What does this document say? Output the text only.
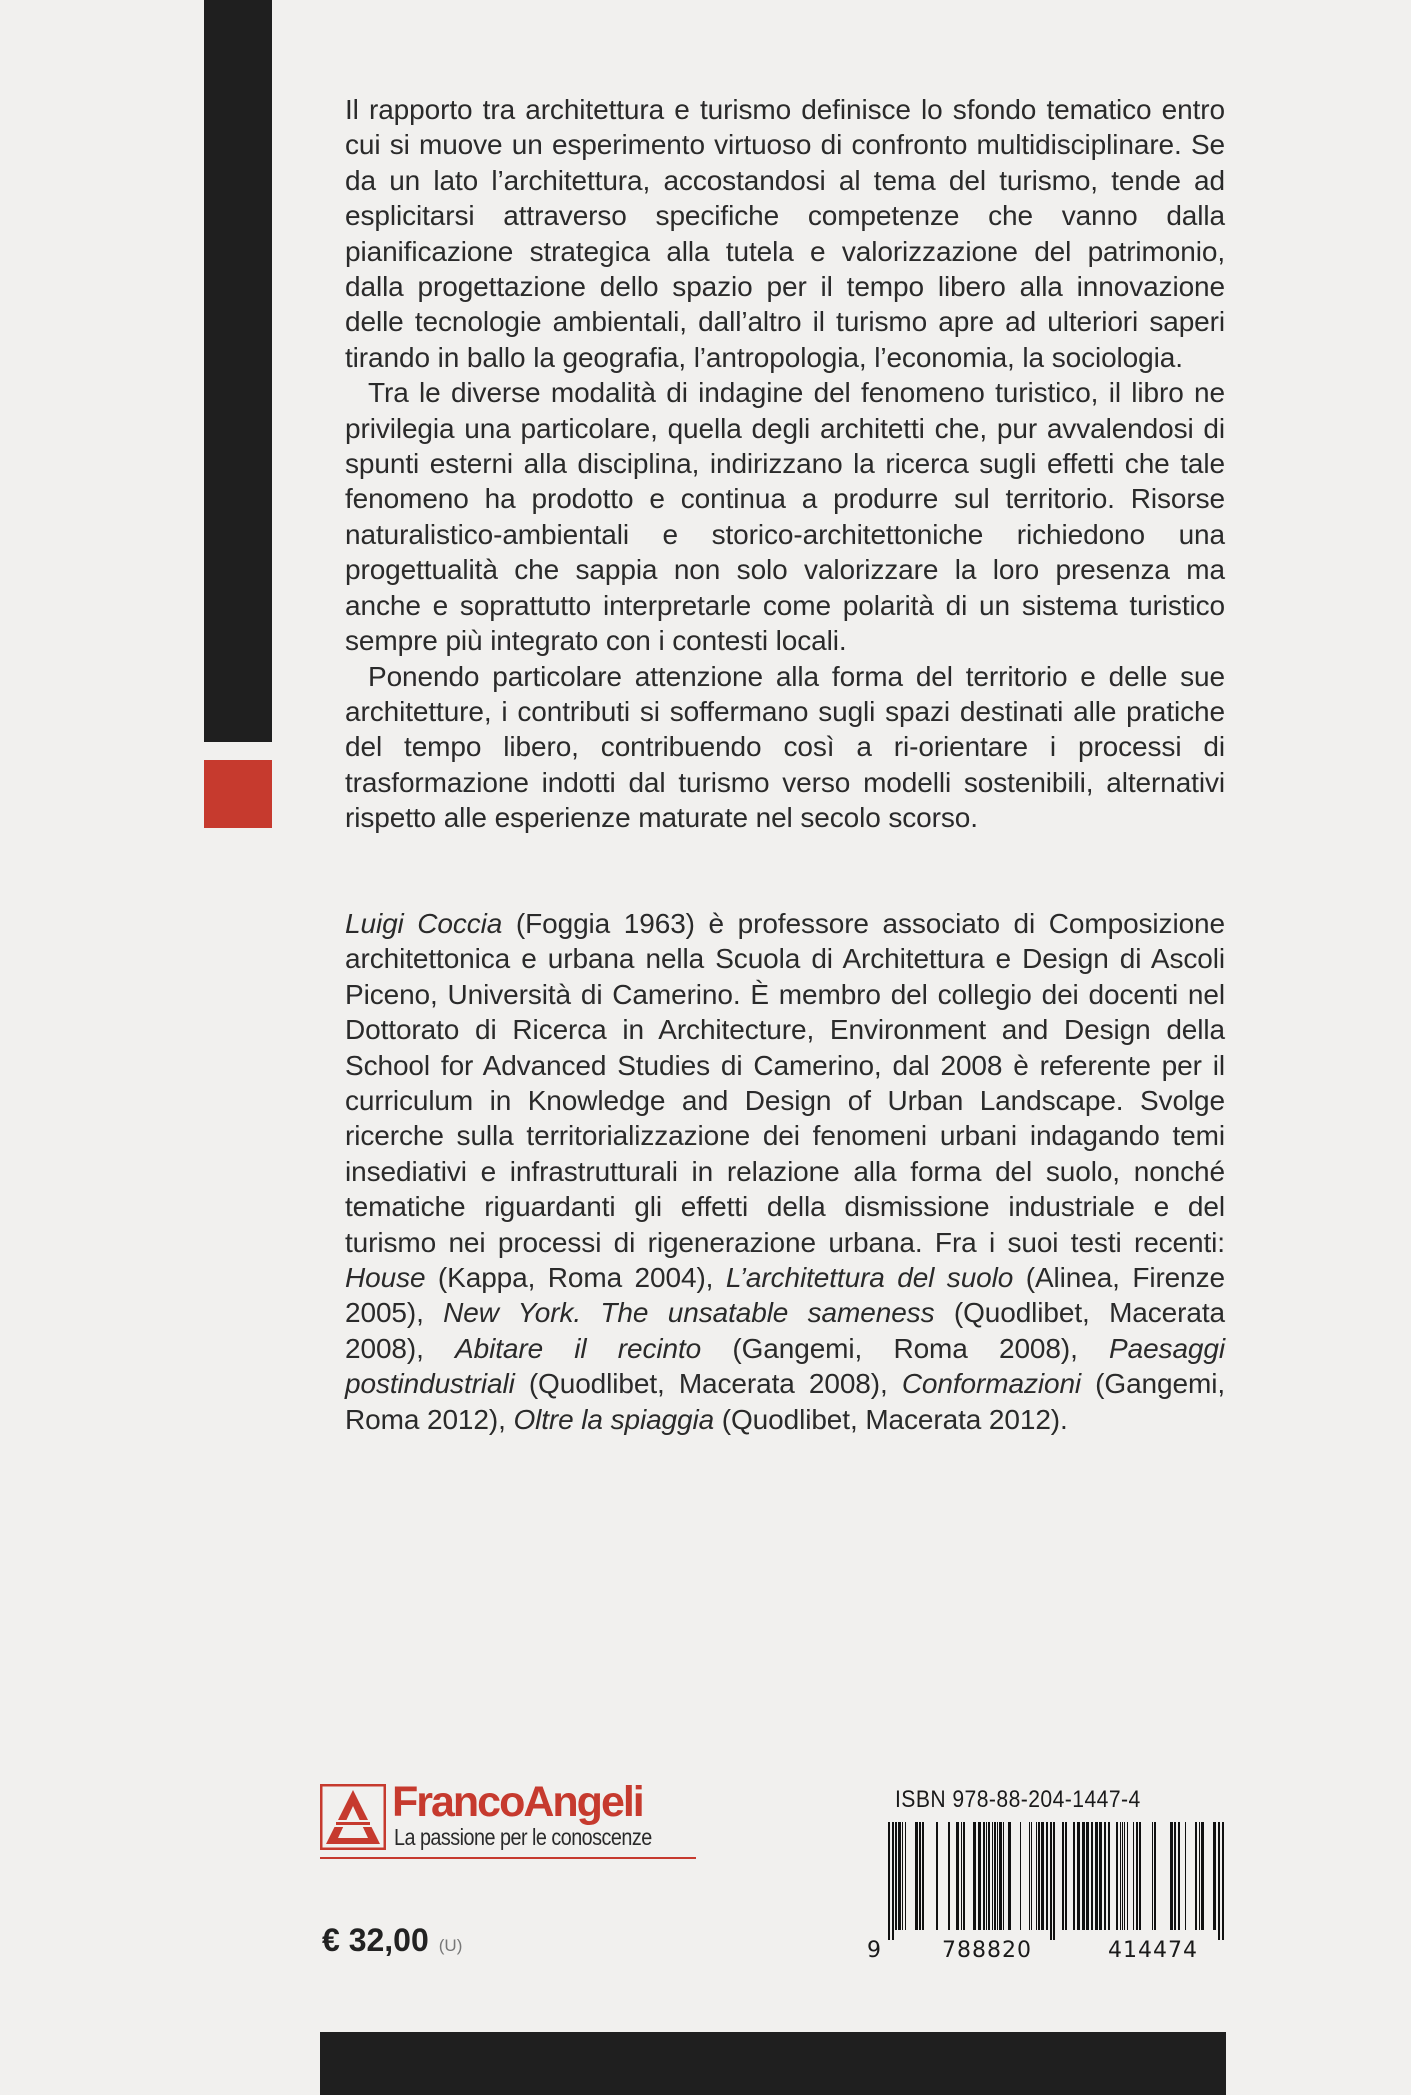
Il rapporto tra architettura e turismo definisce lo sfondo tematico entro cui si muove un esperimento virtuoso di confronto multidisciplinare. Se da un lato l’architettura, accostandosi al tema del turismo, tende ad esplicitarsi attraverso specifiche competenze che vanno dalla pianificazione strategica alla tutela e valorizzazione del patrimonio, dalla progettazione dello spazio per il tempo libero alla innovazione delle tecnologie ambientali, dall’altro il turismo apre ad ulteriori saperi tirando in ballo la geografia, l’antropologia, l’economia, la sociologia.

Tra le diverse modalità di indagine del fenomeno turistico, il libro ne privilegia una particolare, quella degli architetti che, pur avvalendosi di spunti esterni alla disciplina, indirizzano la ricerca sugli effetti che tale fenomeno ha prodotto e continua a produrre sul territorio. Risorse naturalistico-ambientali e storico-architettoniche richiedono una progettualità che sappia non solo valorizzare la loro presenza ma anche e soprattutto interpretarle come polarità di un sistema turistico sempre più integrato con i contesti locali.

Ponendo particolare attenzione alla forma del territorio e delle sue architetture, i contributi si soffermano sugli spazi destinati alle pratiche del tempo libero, contribuendo così a ri-orientare i processi di trasformazione indotti dal turismo verso modelli sostenibili, alternativi rispetto alle esperienze maturate nel secolo scorso.

Luigi Coccia (Foggia 1963) è professore associato di Composizione architettonica e urbana nella Scuola di Architettura e Design di Ascoli Piceno, Università di Camerino. È membro del collegio dei docenti nel Dottorato di Ricerca in Architecture, Environment and Design della School for Advanced Studies di Camerino, dal 2008 è referente per il curriculum in Knowledge and Design of Urban Landscape. Svolge ricerche sulla territorializzazione dei fenomeni urbani indagando temi insediativi e infrastrutturali in relazione alla forma del suolo, nonché tematiche riguardanti gli effetti della dismissione industriale e del turismo nei processi di rigenerazione urbana. Fra i suoi testi recenti: House (Kappa, Roma 2004), L’architettura del suolo (Alinea, Firenze 2005), New York. The unsatable sameness (Quodlibet, Macerata 2008), Abitare il recinto (Gangemi, Roma 2008), Paesaggi postindustriali (Quodlibet, Macerata 2008), Conformazioni (Gangemi, Roma 2012), Oltre la spiaggia (Quodlibet, Macerata 2012).

FrancoAngeli
La passione per le conoscenze
€ 32,00 (U)
ISBN 978-88-204-1447-4
9	788820	414474
